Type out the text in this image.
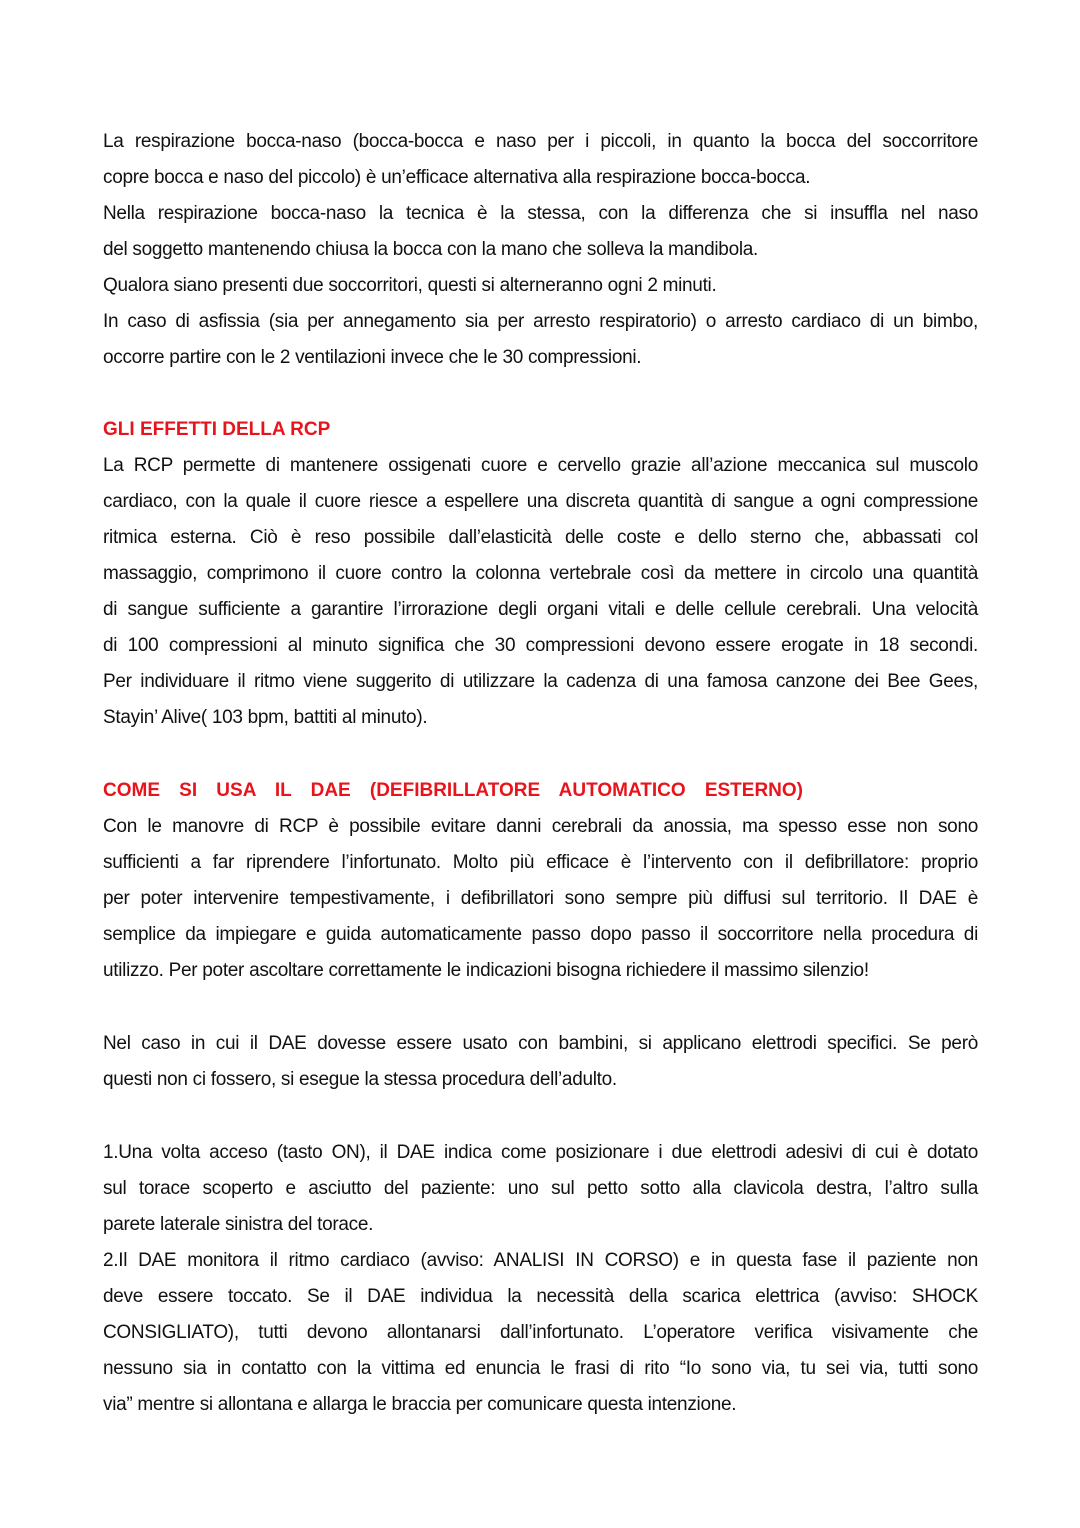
La respirazione bocca-naso (bocca-bocca e naso per i piccoli, in quanto la bocca del soccorritore
copre bocca e naso del piccolo) è un’efficace alternativa alla respirazione bocca-bocca.
Nella respirazione bocca-naso la tecnica è la stessa, con la differenza che si insuffla nel naso
del soggetto mantenendo chiusa la bocca con la mano che solleva la mandibola.
Qualora siano presenti due soccorritori, questi si alterneranno ogni 2 minuti.
In caso di asfissia (sia per annegamento sia per arresto respiratorio) o arresto cardiaco di un bimbo,
occorre partire con le 2 ventilazioni invece che le 30 compressioni.
GLI EFFETTI DELLA RCP
La RCP permette di mantenere ossigenati cuore e cervello grazie all’azione meccanica sul muscolo
cardiaco, con la quale il cuore riesce a espellere una discreta quantità di sangue a ogni compressione
ritmica esterna. Ciò è reso possibile dall’elasticità delle coste e dello sterno che, abbassati col
massaggio, comprimono il cuore contro la colonna vertebrale così da mettere in circolo una quantità
di sangue sufficiente a garantire l’irrorazione degli organi vitali e delle cellule cerebrali. Una velocità
di 100 compressioni al minuto significa che 30 compressioni devono essere erogate in 18 secondi.
Per individuare il ritmo viene suggerito di utilizzare la cadenza di una famosa canzone dei Bee Gees,
Stayin’ Alive( 103 bpm, battiti al minuto).
COME SI USA IL DAE (DEFIBRILLATORE AUTOMATICO ESTERNO)
Con le manovre di RCP è possibile evitare danni cerebrali da anossia, ma spesso esse non sono
sufficienti a far riprendere l’infortunato. Molto più efficace è l’intervento con il defibrillatore: proprio
per poter intervenire tempestivamente, i defibrillatori sono sempre più diffusi sul territorio. Il DAE è
semplice da impiegare e guida automaticamente passo dopo passo il soccorritore nella procedura di
utilizzo. Per poter ascoltare correttamente le indicazioni bisogna richiedere il massimo silenzio!
Nel caso in cui il DAE dovesse essere usato con bambini, si applicano elettrodi specifici. Se però
questi non ci fossero, si esegue la stessa procedura dell’adulto.
1.Una volta acceso (tasto ON), il DAE indica come posizionare i due elettrodi adesivi di cui è dotato
sul torace scoperto e asciutto del paziente: uno sul petto sotto alla clavicola destra, l’altro sulla
parete laterale sinistra del torace.
2.Il DAE monitora il ritmo cardiaco (avviso: ANALISI IN CORSO) e in questa fase il paziente non
deve essere toccato. Se il DAE individua la necessità della scarica elettrica (avviso: SHOCK
CONSIGLIATO), tutti devono allontanarsi dall’infortunato. L’operatore verifica visivamente che
nessuno sia in contatto con la vittima ed enuncia le frasi di rito “Io sono via, tu sei via, tutti sono
via” mentre si allontana e allarga le braccia per comunicare questa intenzione.
